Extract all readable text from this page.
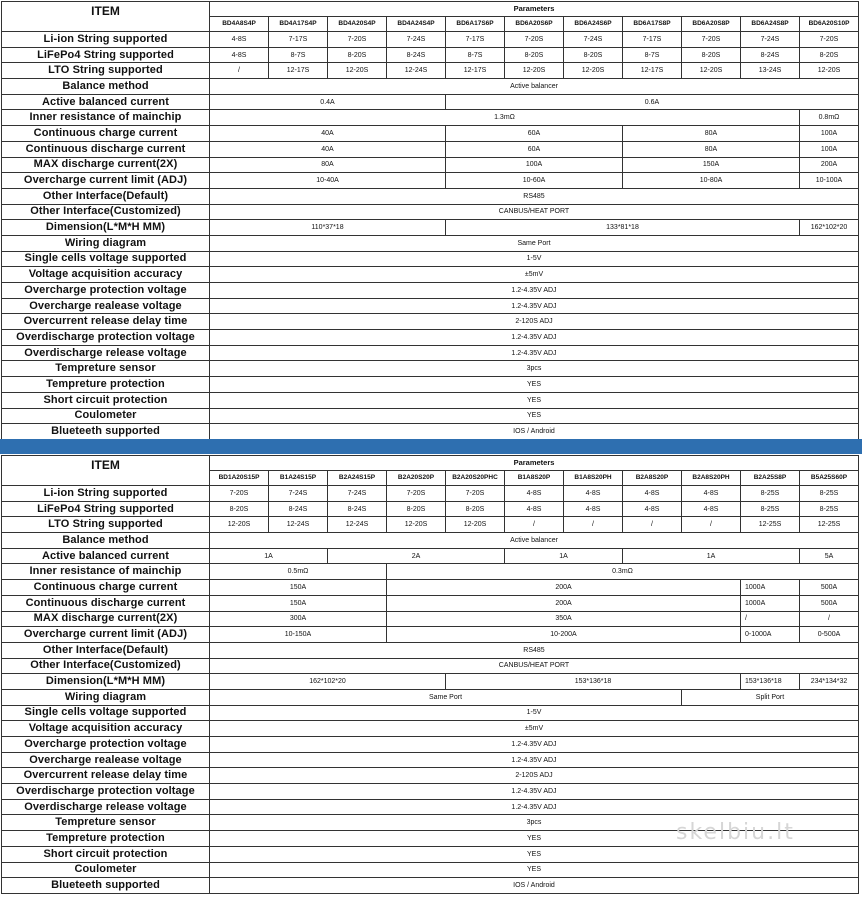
ITEM	Parameters										
	BD4A8S4P	BD4A17S4P	BD4A20S4P	BD4A24S4P	BD6A17S6P	BD6A20S6P	BD6A24S6P	BD6A17S8P	BD6A20S8P	BD6A24S8P	BD6A20S10P
Li-ion String supported	4-8S	7-17S	7-20S	7-24S	7-17S	7-20S	7-24S	7-17S	7-20S	7-24S	7-20S
LiFePo4 String supported	4-8S	8-7S	8-20S	8-24S	8-7S	8-20S	8-20S	8-7S	8-20S	8-24S	8-20S
LTO String supported	/	12-17S	12-20S	12-24S	12-17S	12-20S	12-20S	12-17S	12-20S	13-24S	12-20S
Balance method	Active balancer										
Active balanced current	0.4A				0.6A						
Inner resistance of mainchip	1.3mΩ										0.8mΩ
Continuous charge current	40A				60A			80A			100A
Continuous discharge current	40A				60A			80A			100A
MAX discharge current(2X)	80A				100A			150A			200A
Overcharge current limit (ADJ)	10-40A				10-60A			10-80A			10-100A
Other Interface(Default)	RS485										
Other Interface(Customized)	CANBUS/HEAT PORT										
Dimension(L*M*H MM)	110*37*18				133*81*18						162*102*20
Wiring diagram	Same Port										
Single cells voltage supported	1-5V										
Voltage acquisition accuracy	±5mV										
Overcharge protection voltage	1.2-4.35V ADJ										
Overcharge realease voltage	1.2-4.35V ADJ										
Overcurrent release delay time	2-120S ADJ										
Overdischarge protection voltage	1.2-4.35V ADJ										
Overdischarge release voltage	1.2-4.35V ADJ										
Tempreture sensor	3pcs										
Tempreture protection	YES										
Short circuit protection	YES										
Coulometer	YES										
Blueteeth supported	IOS / Android										
ITEM	Parameters										
	BD1A20S15P	B1A24S15P	B2A24S15P	B2A20S20P	B2A20S20PHC	B1A8S20P	B1A8S20PH	B2A8S20P	B2A8S20PH	B2A25S8P	B5A25S60P
Li-ion String supported	7-20S	7-24S	7-24S	7-20S	7-20S	4-8S	4-8S	4-8S	4-8S	8-25S	8-25S
LiFePo4 String supported	8-20S	8-24S	8-24S	8-20S	8-20S	4-8S	4-8S	4-8S	4-8S	8-25S	8-25S
LTO String supported	12-20S	12-24S	12-24S	12-20S	12-20S	/	/	/	/	12-25S	12-25S
Balance method	Active balancer										
Active balanced current	1A		2A			1A		1A			5A
Inner resistance of mainchip	0.5mΩ			0.3mΩ							
Continuous charge current	150A			200A						1000A	500A
Continuous discharge current	150A			200A						1000A	500A
MAX discharge current(2X)	300A			350A						/	/
Overcharge current limit (ADJ)	10-150A			10-200A						0-1000A	0-500A
Other Interface(Default)	RS485										
Other Interface(Customized)	CANBUS/HEAT PORT										
Dimension(L*M*H MM)	162*102*20				153*136*18					153*136*18	234*134*32
Wiring diagram	Same Port								Split Port		
Single cells voltage supported	1-5V										
Voltage acquisition accuracy	±5mV										
Overcharge protection voltage	1.2-4.35V ADJ										
Overcharge realease voltage	1.2-4.35V ADJ										
Overcurrent release delay time	2-120S ADJ										
Overdischarge protection voltage	1.2-4.35V ADJ										
Overdischarge release voltage	1.2-4.35V ADJ										
Tempreture sensor	3pcs										
Tempreture protection	YES										
Short circuit protection	YES										
Coulometer	YES										
Blueteeth supported	IOS / Android										
skelbiu.lt
